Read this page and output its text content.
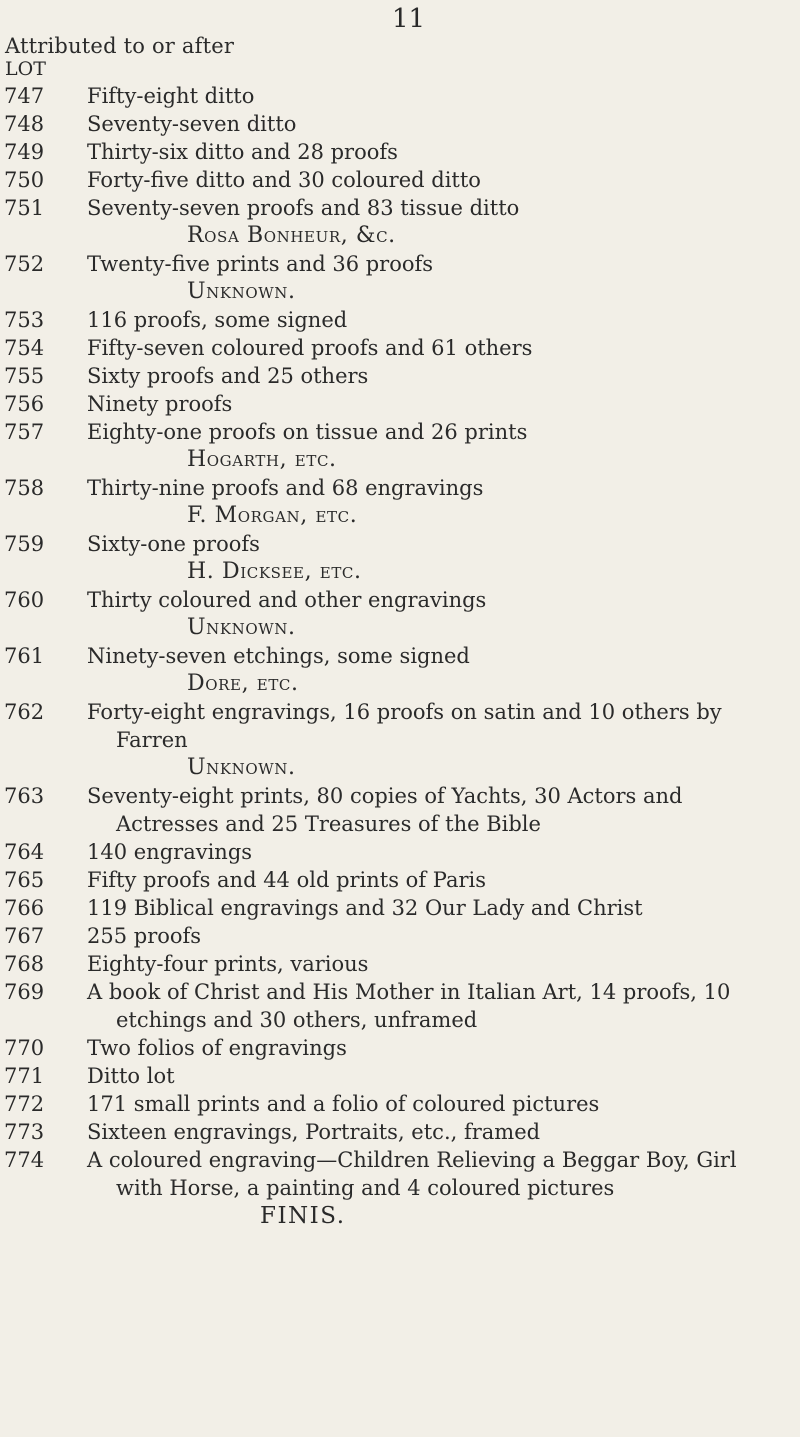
11
Attributed to or after
LOT
747	Fifty-eight ditto
748	Seventy-seven ditto
749	Thirty-six ditto and 28 proofs
750	Forty-five ditto and 30 coloured ditto
751	Seventy-seven proofs and 83 tissue ditto
Rosa Bonheur, &c.
752	Twenty-five prints and 36 proofs
Unknown.
753	116 proofs, some signed
754	Fifty-seven coloured proofs and 61 others
755	Sixty proofs and 25 others
756	Ninety proofs
757	Eighty-one proofs on tissue and 26 prints
Hogarth, etc.
758	Thirty-nine proofs and 68 engravings
F. Morgan, etc.
759	Sixty-one proofs
H. Dicksee, etc.
760	Thirty coloured and other engravings
Unknown.
761	Ninety-seven etchings, some signed
Dore, etc.
762	Forty-eight engravings, 16 proofs on satin and 10 others by
Farren
Unknown.
763	Seventy-eight prints, 80 copies of Yachts, 30 Actors and
Actresses and 25 Treasures of the Bible
764	140 engravings
765	Fifty proofs and 44 old prints of Paris
766	119 Biblical engravings and 32 Our Lady and Christ
767	255 proofs
768	Eighty-four prints, various
769	A book of Christ and His Mother in Italian Art, 14 proofs, 10
etchings and 30 others, unframed
770	Two folios of engravings
771	Ditto lot
772	171 small prints and a folio of coloured pictures
773	Sixteen engravings, Portraits, etc., framed
774	A coloured engraving—Children Relieving a Beggar Boy, Girl
with Horse, a painting and 4 coloured pictures
FINIS.
